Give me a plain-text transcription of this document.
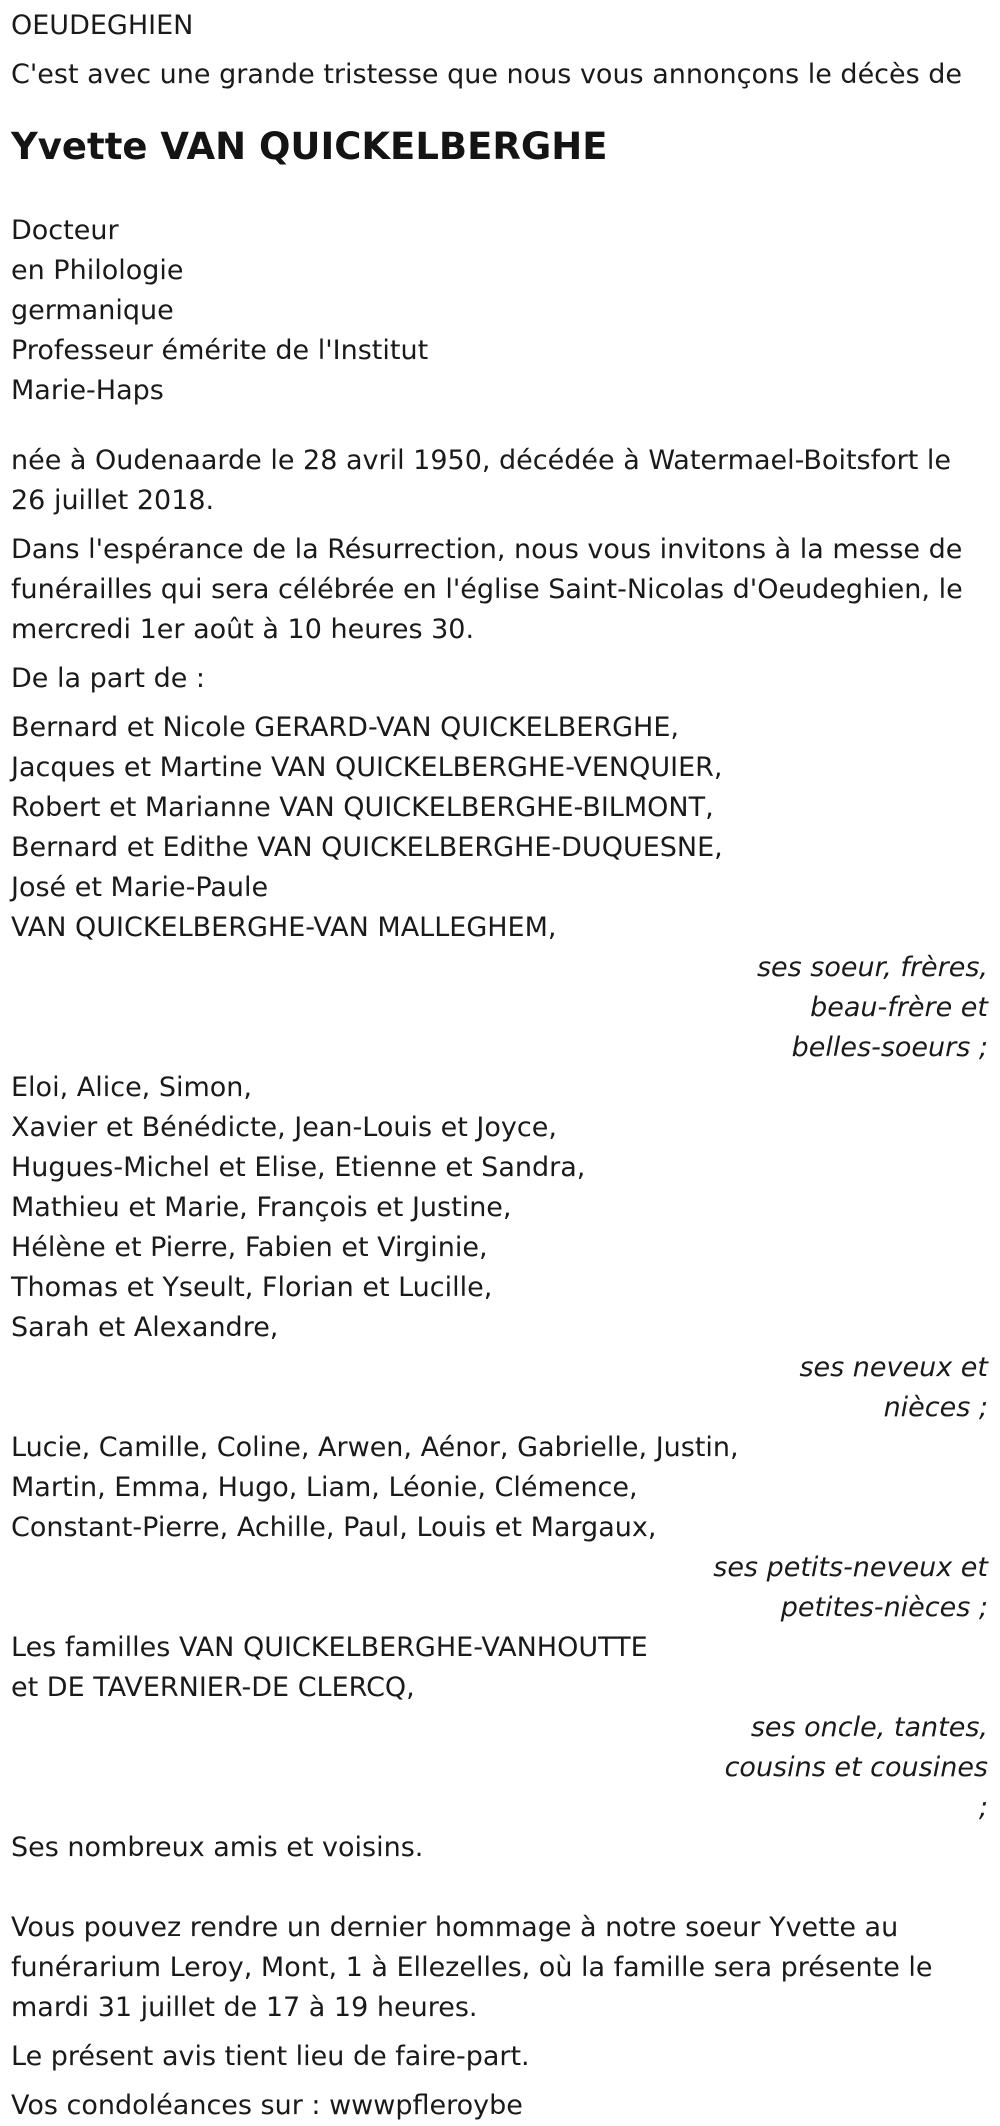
OEUDEGHIEN
C'est avec une grande tristesse que nous vous annonçons le décès de
Yvette VAN QUICKELBERGHE
Docteur
en Philologie
germanique
Professeur émérite de l'Institut
Marie-Haps
née à Oudenaarde le 28 avril 1950, décédée à Watermael-Boitsfort le 26 juillet 2018.
Dans l'espérance de la Résurrection, nous vous invitons à la messe de funérailles qui sera célébrée en l'église Saint-Nicolas d'Oeudeghien, le mercredi 1er août à 10 heures 30.
De la part de :
Bernard et Nicole GERARD-VAN QUICKELBERGHE,
Jacques et Martine VAN QUICKELBERGHE-VENQUIER,
Robert et Marianne VAN QUICKELBERGHE-BILMONT,
Bernard et Edithe VAN QUICKELBERGHE-DUQUESNE,
José et Marie-Paule
VAN QUICKELBERGHE-VAN MALLEGHEM,
ses soeur, frères,
beau-frère et
belles-soeurs ;
Eloi, Alice, Simon,
Xavier et Bénédicte, Jean-Louis et Joyce,
Hugues-Michel et Elise, Etienne et Sandra,
Mathieu et Marie, François et Justine,
Hélène et Pierre, Fabien et Virginie,
Thomas et Yseult, Florian et Lucille,
Sarah et Alexandre,
ses neveux et
nièces ;
Lucie, Camille, Coline, Arwen, Aénor, Gabrielle, Justin,
Martin, Emma, Hugo, Liam, Léonie, Clémence,
Constant-Pierre, Achille, Paul, Louis et Margaux,
ses petits-neveux et
petites-nièces ;
Les familles VAN QUICKELBERGHE-VANHOUTTE
et DE TAVERNIER-DE CLERCQ,
ses oncle, tantes,
cousins et cousines
;
Ses nombreux amis et voisins.
Vous pouvez rendre un dernier hommage à notre soeur Yvette au funérarium Leroy, Mont, 1 à Ellezelles, où la famille sera présente le mardi 31 juillet de 17 à 19 heures.
Le présent avis tient lieu de faire-part.
Vos condoléances sur : wwwpfleroybe
